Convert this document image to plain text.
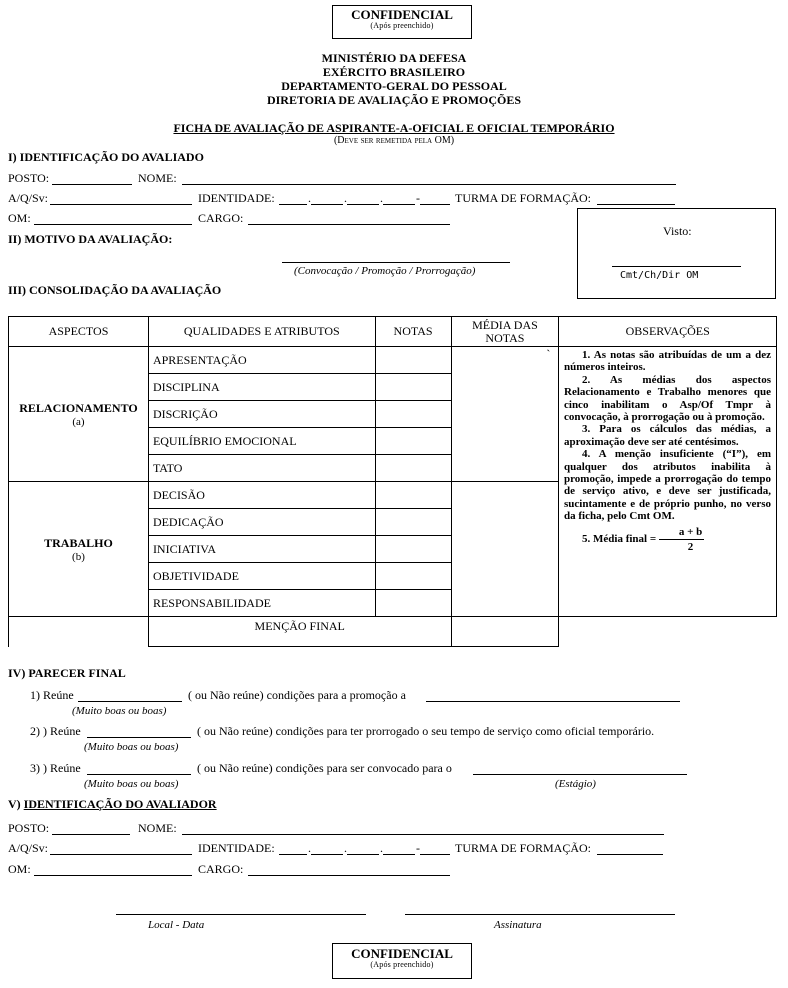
CONFIDENCIAL
(Após preenchido)
MINISTÉRIO DA DEFESA
EXÉRCITO BRASILEIRO
DEPARTAMENTO-GERAL DO PESSOAL
DIRETORIA DE AVALIAÇÃO E PROMOÇÕES
FICHA DE AVALIAÇÃO DE ASPIRANTE-A-OFICIAL E OFICIAL TEMPORÁRIO
(Deve ser remetida pela OM)
I) IDENTIFICAÇÃO DO AVALIADO
POSTO:	NOME:
A/Q/Sv:	IDENTIDADE:	.	.	.	-	TURMA DE FORMAÇÃO:
OM:	CARGO:
Visto:
Cmt/Ch/Dir OM
II) MOTIVO DA AVALIAÇÃO:
(Convocação / Promoção / Prorrogação)
III) CONSOLIDAÇÃO DA AVALIAÇÃO
ASPECTOS	QUALIDADES E ATRIBUTOS	NOTAS	MÉDIA DAS NOTAS	OBSERVAÇÕES

RELACIONAMENTO
(a)	APRESENTAÇÃO		`	
	DISCIPLINA			
	DISCRIÇÃO			
	EQUILÍBRIO EMOCIONAL			
	TATO			

TRABALHO
(b)	DECISÃO			
	DEDICAÇÃO			
	INICIATIVA			
	OBJETIVIDADE			
	RESPONSABILIDADE			
	MENÇÃO FINAL			

1. As notas são atribuídas de um a dez números inteiros.

2. As médias dos aspectos Relacionamento e Trabalho menores que cinco inabilitam o Asp/Of Tmpr à convocação, à prorrogação ou à promoção.

3. Para os cálculos das médias, a aproximação deve ser até centésimos.

4. A menção insuficiente (“I”), em qualquer dos atributos inabilita à promoção, impede a prorrogação do tempo de serviço ativo, e deve ser justificada, sucintamente e de próprio punho, no verso da ficha, pelo Cmt OM.

5. Média final = $\frac{a + b}{2}$

IV) PARECER FINAL
1) Reúne	( ou Não reúne) condições para a promoção a
(Muito boas ou boas)
2) ) Reúne	( ou Não reúne) condições para ter prorrogado o seu tempo de serviço como oficial temporário.
(Muito boas ou boas)
3) ) Reúne	( ou Não reúne) condições para ser convocado para o
(Muito boas ou boas)	(Estágio)
V) IDENTIFICAÇÃO DO AVALIADOR
POSTO:	NOME:
A/Q/Sv:	IDENTIDADE:	.	.	.	-	TURMA DE FORMAÇÃO:
OM:	CARGO:
Local - Data	Assinatura
CONFIDENCIAL
(Após preenchido)
